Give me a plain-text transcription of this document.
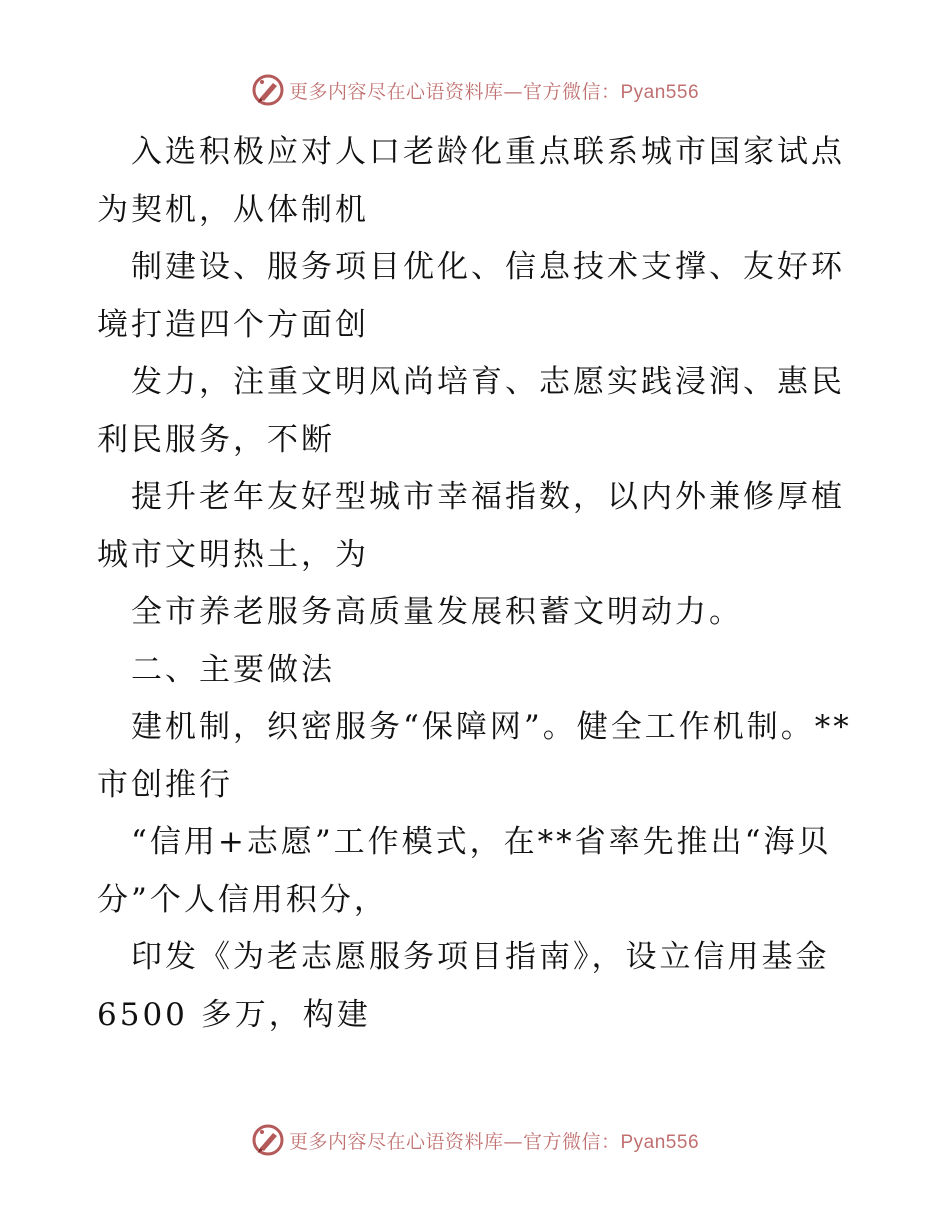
更多内容尽在心语资料库—官方微信：Pyan556

　入选积极应对人口老龄化重点联系城市国家试点为契机，从体制机

　制建设、服务项目优化、信息技术支撑、友好环境打造四个方面创

　发力，注重文明风尚培育、志愿实践浸润、惠民利民服务，不断

　提升老年友好型城市幸福指数，以内外兼修厚植城市文明热土，为

　全市养老服务高质量发展积蓄文明动力。

　二、主要做法

　建机制，织密服务“保障网”。健全工作机制。**市创推行

　“信用+志愿”工作模式，在**省率先推出“海贝分”个人信用积分，

　印发《为老志愿服务项目指南》，设立信用基金 6500 多万，构建

更多内容尽在心语资料库—官方微信：Pyan556
